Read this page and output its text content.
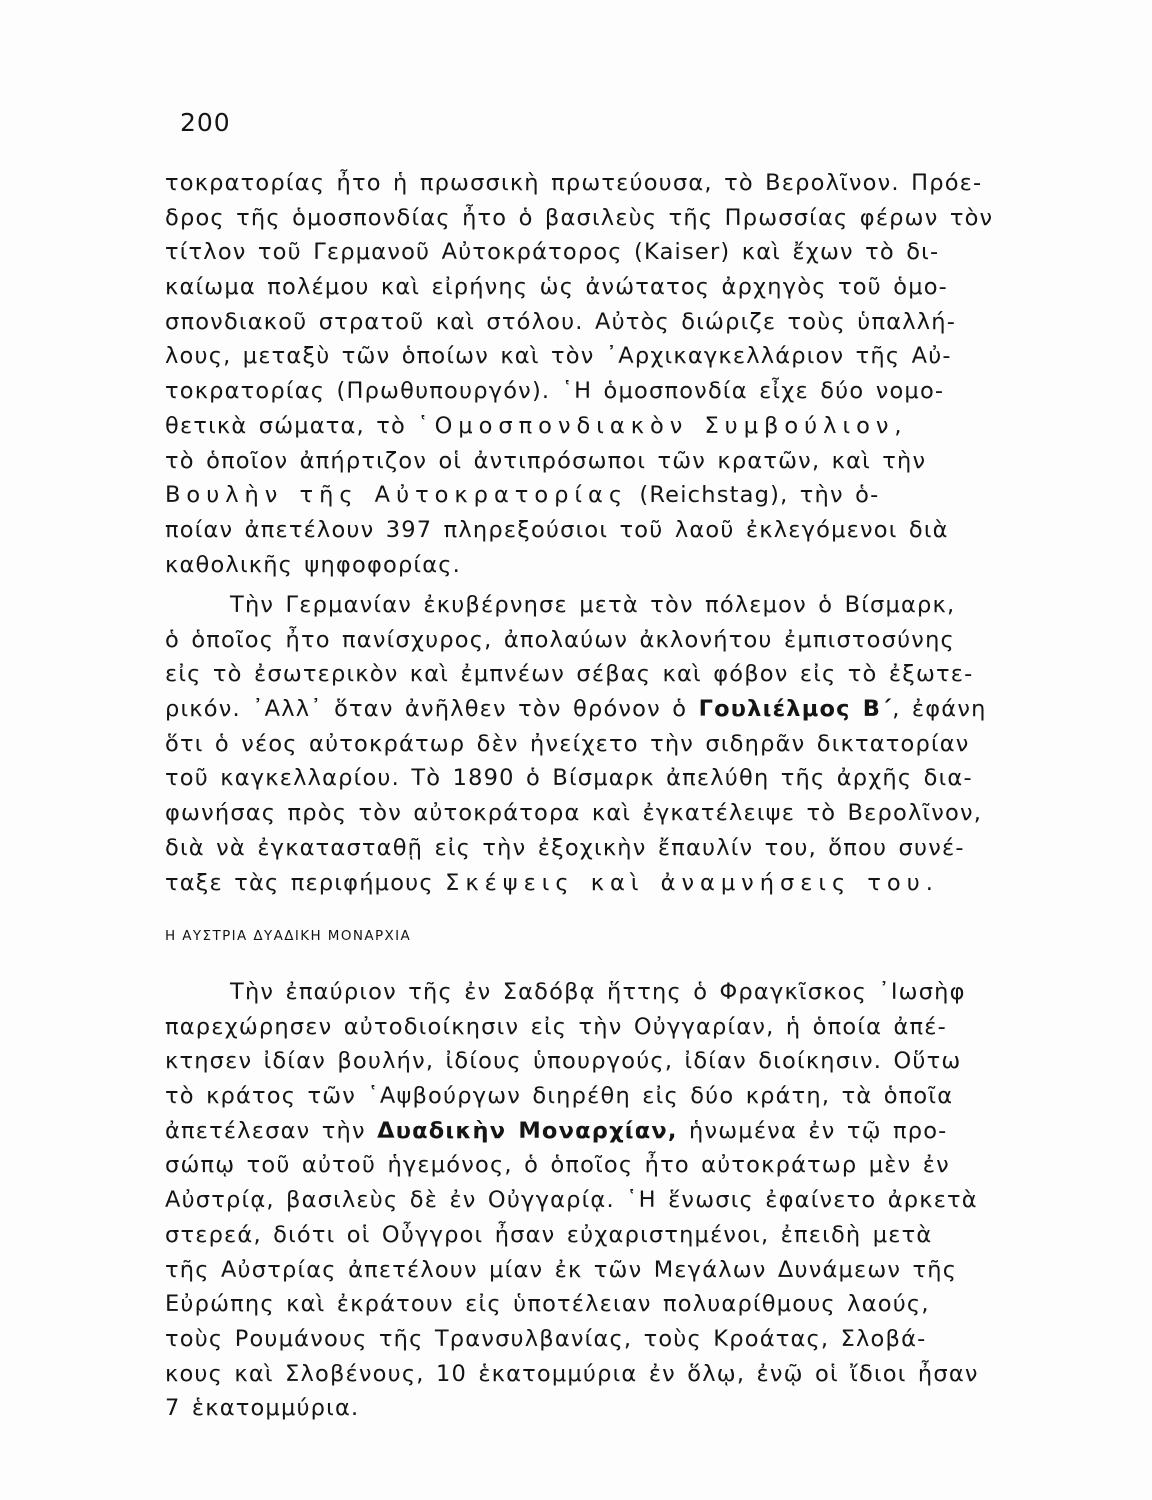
200
τοκρατορίας ἦτο ἡ πρωσσικὴ πρωτεύουσα, τὸ Βερολῖνον. Πρόε-
δρος τῆς ὁμοσπονδίας ἦτο ὁ βασιλεὺς τῆς Πρωσσίας φέρων τὸν
τίτλον τοῦ Γερμανοῦ Αὐτοκράτορος (Kaiser) καὶ ἔχων τὸ δι-
καίωμα πολέμου καὶ εἰρήνης ὡς ἀνώτατος ἀρχηγὸς τοῦ ὁμο-
σπονδιακοῦ στρατοῦ καὶ στόλου. Αὐτὸς διώριζε τοὺς ὑπαλλή-
λους, μεταξὺ τῶν ὁποίων καὶ τὸν ᾿Αρχικαγκελλάριον τῆς Αὐ-
τοκρατορίας (Πρωθυπουργόν). ῾Η ὁμοσπονδία εἶχε δύο νομο-
θετικὰ σώματα, τὸ ῾Ομοσπονδιακὸν Συμβούλιον,
τὸ ὁποῖον ἀπήρτιζον οἱ ἀντιπρόσωποι τῶν κρατῶν, καὶ τὴν
Βουλὴν τῆς Αὐτοκρατορίας (Reichstag), τὴν ὁ-
ποίαν ἀπετέλουν 397 πληρεξούσιοι τοῦ λαοῦ ἐκλεγόμενοι διὰ
καθολικῆς ψηφοφορίας.
Τὴν Γερμανίαν ἐκυβέρνησε μετὰ τὸν πόλεμον ὁ Βίσμαρκ,
ὁ ὁποῖος ἦτο πανίσχυρος, ἀπολαύων ἀκλονήτου ἐμπιστοσύνης
εἰς τὸ ἐσωτερικὸν καὶ ἐμπνέων σέβας καὶ φόβον εἰς τὸ ἐξωτε-
ρικόν. ᾿Αλλ᾿ ὅταν ἀνῆλθεν τὸν θρόνον ὁ Γουλιέλμος Β΄, ἐφάνη
ὅτι ὁ νέος αὐτοκράτωρ δὲν ἠνείχετο τὴν σιδηρᾶν δικτατορίαν
τοῦ καγκελλαρίου. Τὸ 1890 ὁ Βίσμαρκ ἀπελύθη τῆς ἀρχῆς δια-
φωνήσας πρὸς τὸν αὐτοκράτορα καὶ ἐγκατέλειψε τὸ Βερολῖνον,
διὰ νὰ ἐγκατασταθῇ εἰς τὴν ἐξοχικὴν ἔπαυλίν του, ὅπου συνέ-
ταξε τὰς περιφήμους Σκέψεις καὶ ἀναμνήσεις του.
Η ΑΥΣΤΡΙΑ ΔΥΑΔΙΚΗ ΜΟΝΑΡΧΙΑ
Τὴν ἐπαύριον τῆς ἐν Σαδόβᾳ ἥττης ὁ Φραγκῖσκος ᾿Ιωσὴφ
παρεχώρησεν αὐτοδιοίκησιν εἰς τὴν Οὐγγαρίαν, ἡ ὁποία ἀπέ-
κτησεν ἰδίαν βουλήν, ἰδίους ὑπουργούς, ἰδίαν διοίκησιν. Οὕτω
τὸ κράτος τῶν ῾Αψβούργων διηρέθη εἰς δύο κράτη, τὰ ὁποῖα
ἀπετέλεσαν τὴν Δυαδικὴν Μοναρχίαν, ἡνωμένα ἐν τῷ προ-
σώπῳ τοῦ αὐτοῦ ἡγεμόνος, ὁ ὁποῖος ἦτο αὐτοκράτωρ μὲν ἐν
Αὐστρίᾳ, βασιλεὺς δὲ ἐν Οὐγγαρίᾳ. ῾Η ἕνωσις ἐφαίνετο ἀρκετὰ
στερεά, διότι οἱ Οὖγγροι ἦσαν εὐχαριστημένοι, ἐπειδὴ μετὰ
τῆς Αὐστρίας ἀπετέλουν μίαν ἐκ τῶν Μεγάλων Δυνάμεων τῆς
Εὐρώπης καὶ ἐκράτουν εἰς ὑποτέλειαν πολυαρίθμους λαούς,
τοὺς Ρουμάνους τῆς Τρανσυλβανίας, τοὺς Κροάτας, Σλοβά-
κους καὶ Σλοβένους, 10 ἑκατομμύρια ἐν ὅλῳ, ἐνῷ οἱ ἴδιοι ἦσαν
7 ἑκατομμύρια.
